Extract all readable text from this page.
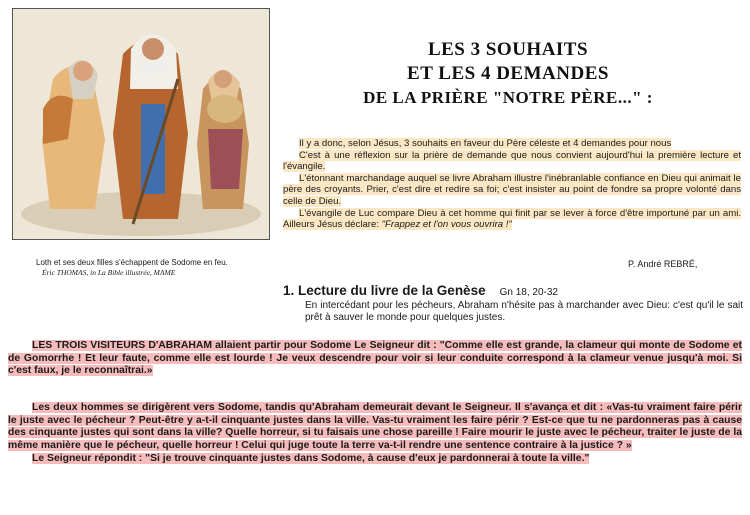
Loth et ses deux filles s'échappent de Sodome en feu.
Éric THOMAS, in La Bible illustrée, MAME
LES 3 SOUHAITS
ET LES 4 DEMANDES
DE LA PRIÈRE "NOTRE PÈRE..." :

Il y a donc, selon Jésus, 3 souhaits en faveur du Père céleste et 4 demandes pour nous

C'est à une réflexion sur la prière de demande que nous convient aujourd'hui la première lecture et l'évangile.

L'étonnant marchandage auquel se livre Abraham illustre l'inébranlable confiance en Dieu qui animait le père des croyants. Prier, c'est dire et redire sa foi; c'est insister au point de fondre sa propre volonté dans celle de Dieu.

L'évangile de Luc compare Dieu à cet homme qui finit par se lever à force d'être importuné par un ami. Ailleurs Jésus déclare: "Frappez et l'on vous ouvrira !"

P. André REBRÉ,
1. Lecture du livre de la Genèse Gn 18, 20-32
En intercédant pour les pécheurs, Abraham n'hésite pas à marchander avec Dieu: c'est qu'il le sait prêt à sauver le monde pour quelques justes.

LES TROIS VISITEURS D'ABRAHAM allaient partir pour Sodome Le Seigneur dit : "Comme elle est grande, la clameur qui monte de Sodome et de Gomorrhe ! Et leur faute, comme elle est lourde ! Je veux descendre pour voir si leur conduite correspond à la clameur venue jusqu'à moi. Si c'est faux, je le reconnaîtrai.»

Les deux hommes se dirigèrent vers Sodome, tandis qu'Abraham demeurait devant le Seigneur. Il s'avança et dit : «Vas-tu vraiment faire périr le juste avec le pécheur ? Peut-être y a-t-il cinquante justes dans la ville. Vas-tu vraiment les faire périr ? Est-ce que tu ne pardonneras pas à cause des cinquante justes qui sont dans la ville? Quelle horreur, si tu faisais une chose pareille ! Faire mourir le juste avec le pécheur, traiter le juste de la même manière que le pécheur, quelle horreur ! Celui qui juge toute la terre va-t-il rendre une sentence contraire à la justice ? »

Le Seigneur répondit : "Si je trouve cinquante justes dans Sodome, à cause d'eux je pardonnerai à toute la ville."
